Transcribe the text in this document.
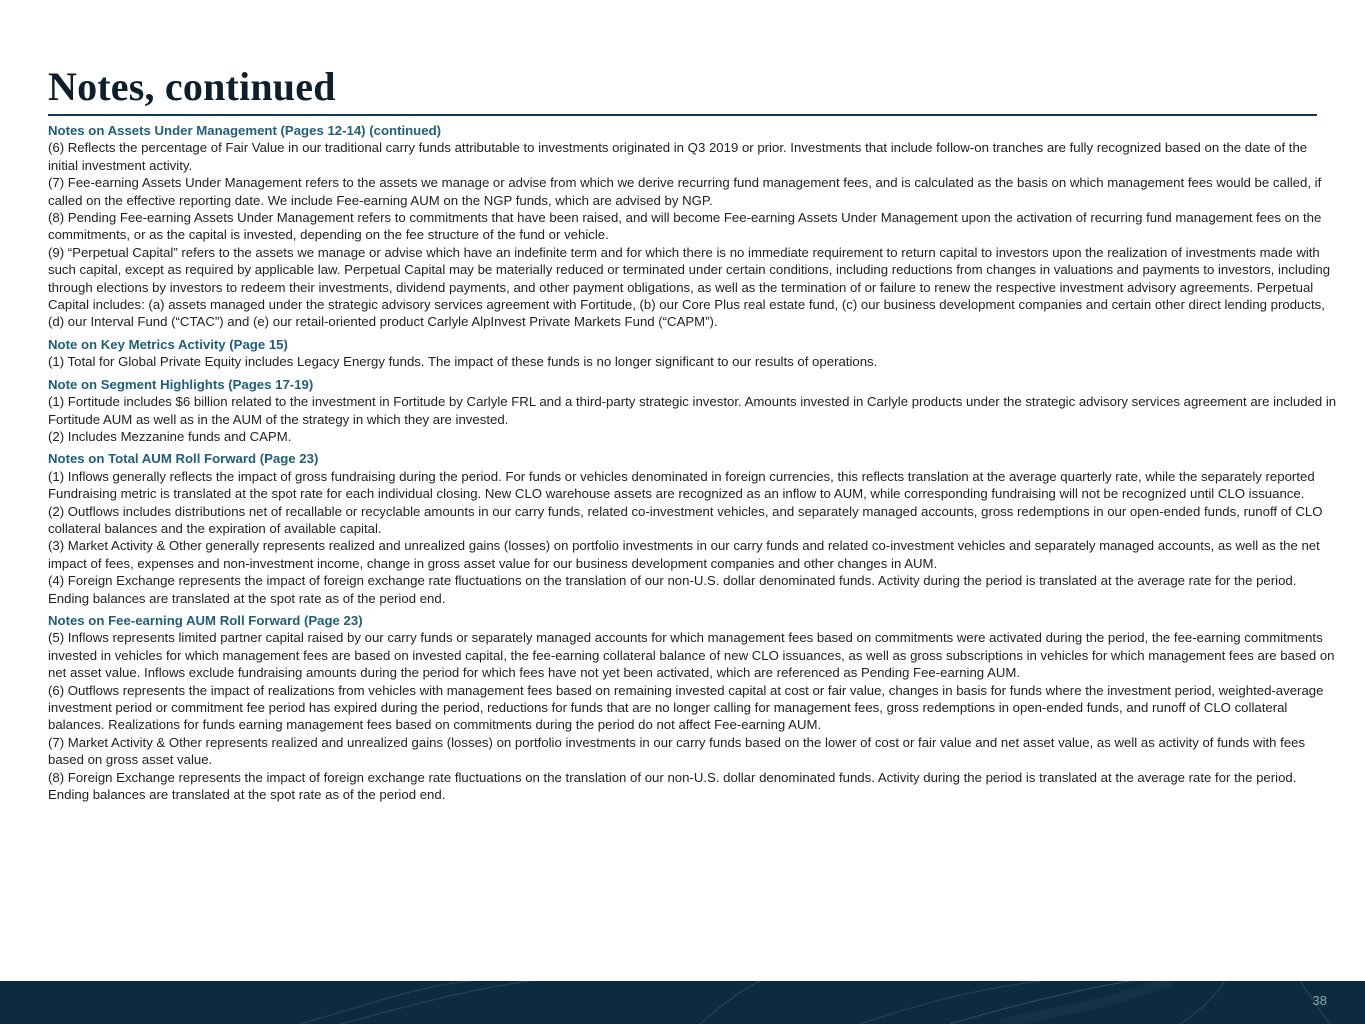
Notes, continued
Notes on Assets Under Management (Pages 12-14) (continued)

(6) Reflects the percentage of Fair Value in our traditional carry funds attributable to investments originated in Q3 2019 or prior. Investments that include follow-on tranches are fully recognized based on the date of the initial investment activity.

(7) Fee-earning Assets Under Management refers to the assets we manage or advise from which we derive recurring fund management fees, and is calculated as the basis on which management fees would be called, if called on the effective reporting date. We include Fee-earning AUM on the NGP funds, which are advised by NGP.

(8) Pending Fee-earning Assets Under Management refers to commitments that have been raised, and will become Fee-earning Assets Under Management upon the activation of recurring fund management fees on the commitments, or as the capital is invested, depending on the fee structure of the fund or vehicle.

(9) “Perpetual Capital” refers to the assets we manage or advise which have an indefinite term and for which there is no immediate requirement to return capital to investors upon the realization of investments made with such capital, except as required by applicable law. Perpetual Capital may be materially reduced or terminated under certain conditions, including reductions from changes in valuations and payments to investors, including through elections by investors to redeem their investments, dividend payments, and other payment obligations, as well as the termination of or failure to renew the respective investment advisory agreements. Perpetual Capital includes: (a) assets managed under the strategic advisory services agreement with Fortitude, (b) our Core Plus real estate fund, (c) our business development companies and certain other direct lending products, (d) our Interval Fund (“CTAC”) and (e) our retail-oriented product Carlyle AlpInvest Private Markets Fund (“CAPM”).

Note on Key Metrics Activity (Page 15)

(1) Total for Global Private Equity includes Legacy Energy funds. The impact of these funds is no longer significant to our results of operations.

Note on Segment Highlights (Pages 17-19)

(1) Fortitude includes $6 billion related to the investment in Fortitude by Carlyle FRL and a third-party strategic investor. Amounts invested in Carlyle products under the strategic advisory services agreement are included in Fortitude AUM as well as in the AUM of the strategy in which they are invested.

(2) Includes Mezzanine funds and CAPM.

Notes on Total AUM Roll Forward (Page 23)

(1) Inflows generally reflects the impact of gross fundraising during the period. For funds or vehicles denominated in foreign currencies, this reflects translation at the average quarterly rate, while the separately reported Fundraising metric is translated at the spot rate for each individual closing. New CLO warehouse assets are recognized as an inflow to AUM, while corresponding fundraising will not be recognized until CLO issuance.

(2) Outflows includes distributions net of recallable or recyclable amounts in our carry funds, related co-investment vehicles, and separately managed accounts, gross redemptions in our open-ended funds, runoff of CLO collateral balances and the expiration of available capital.

(3) Market Activity & Other generally represents realized and unrealized gains (losses) on portfolio investments in our carry funds and related co-investment vehicles and separately managed accounts, as well as the net impact of fees, expenses and non-investment income, change in gross asset value for our business development companies and other changes in AUM.

(4) Foreign Exchange represents the impact of foreign exchange rate fluctuations on the translation of our non-U.S. dollar denominated funds. Activity during the period is translated at the average rate for the period. Ending balances are translated at the spot rate as of the period end.

Notes on Fee-earning AUM Roll Forward (Page 23)

(5) Inflows represents limited partner capital raised by our carry funds or separately managed accounts for which management fees based on commitments were activated during the period, the fee-earning commitments invested in vehicles for which management fees are based on invested capital, the fee-earning collateral balance of new CLO issuances, as well as gross subscriptions in vehicles for which management fees are based on net asset value. Inflows exclude fundraising amounts during the period for which fees have not yet been activated, which are referenced as Pending Fee-earning AUM.

(6) Outflows represents the impact of realizations from vehicles with management fees based on remaining invested capital at cost or fair value, changes in basis for funds where the investment period, weighted-average investment period or commitment fee period has expired during the period, reductions for funds that are no longer calling for management fees, gross redemptions in open-ended funds, and runoff of CLO collateral balances. Realizations for funds earning management fees based on commitments during the period do not affect Fee-earning AUM.

(7) Market Activity & Other represents realized and unrealized gains (losses) on portfolio investments in our carry funds based on the lower of cost or fair value and net asset value, as well as activity of funds with fees based on gross asset value.

(8) Foreign Exchange represents the impact of foreign exchange rate fluctuations on the translation of our non-U.S. dollar denominated funds. Activity during the period is translated at the average rate for the period. Ending balances are translated at the spot rate as of the period end.

38
